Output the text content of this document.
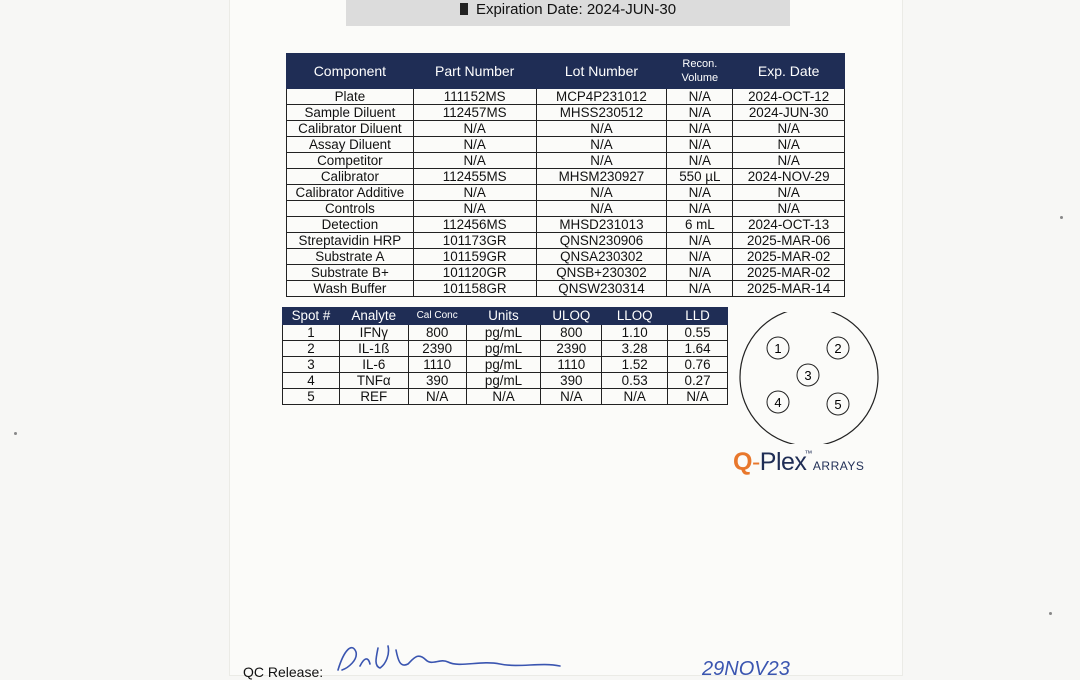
Expiration Date: 2024-JUN-30
Component	Part Number	Lot Number	Recon. Volume	Exp. Date
Plate	111152MS	MCP4P231012	N/A	2024-OCT-12
Sample Diluent	112457MS	MHSS230512	N/A	2024-JUN-30
Calibrator Diluent	N/A	N/A	N/A	N/A
Assay Diluent	N/A	N/A	N/A	N/A
Competitor	N/A	N/A	N/A	N/A
Calibrator	112455MS	MHSM230927	550 µL	2024-NOV-29
Calibrator Additive	N/A	N/A	N/A	N/A
Controls	N/A	N/A	N/A	N/A
Detection	112456MS	MHSD231013	6 mL	2024-OCT-13
Streptavidin HRP	101173GR	QNSN230906	N/A	2025-MAR-06
Substrate A	101159GR	QNSA230302	N/A	2025-MAR-02
Substrate B+	101120GR	QNSB+230302	N/A	2025-MAR-02
Wash Buffer	101158GR	QNSW230314	N/A	2025-MAR-14
Spot #	Analyte	Cal Conc	Units	ULOQ	LLOQ	LLD
1	IFNγ	800	pg/mL	800	1.10	0.55
2	IL-1ß	2390	pg/mL	2390	3.28	1.64
3	IL-6	1110	pg/mL	1110	1.52	0.76
4	TNFα	390	pg/mL	390	0.53	0.27
5	REF	N/A	N/A	N/A	N/A	N/A
1	2
3
4	5
Q-Plex™ARRAYS
QC Release:	29NOV23
